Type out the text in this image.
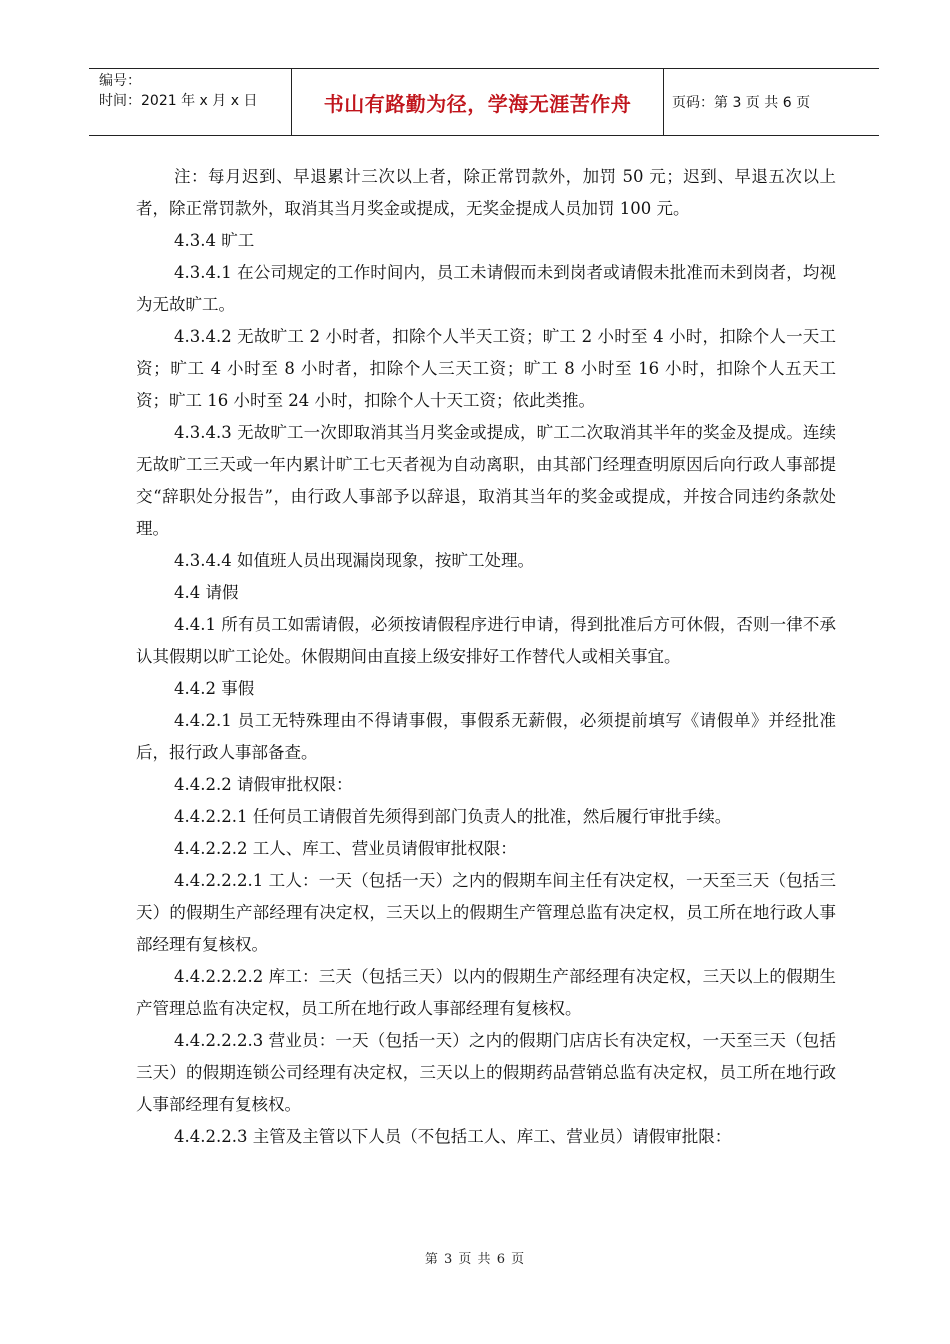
编号：
时间：2021 年 x 月 x 日	书山有路勤为径，学海无涯苦作舟	页码：第 3 页 共 6 页

注：每月迟到、早退累计三次以上者，除正常罚款外，加罚 50 元；迟到、早退五次以上者，除正常罚款外，取消其当月奖金或提成，无奖金提成人员加罚 100 元。

4.3.4 旷工

4.3.4.1 在公司规定的工作时间内，员工未请假而未到岗者或请假未批准而未到岗者，均视为无故旷工。

4.3.4.2 无故旷工 2 小时者，扣除个人半天工资；旷工 2 小时至 4 小时，扣除个人一天工资；旷工 4 小时至 8 小时者，扣除个人三天工资；旷工 8 小时至 16 小时，扣除个人五天工资；旷工 16 小时至 24 小时，扣除个人十天工资；依此类推。

4.3.4.3 无故旷工一次即取消其当月奖金或提成，旷工二次取消其半年的奖金及提成。连续无故旷工三天或一年内累计旷工七天者视为自动离职，由其部门经理查明原因后向行政人事部提交“辞职处分报告”，由行政人事部予以辞退，取消其当年的奖金或提成，并按合同违约条款处理。

4.3.4.4 如值班人员出现漏岗现象，按旷工处理。

4.4 请假

4.4.1 所有员工如需请假，必须按请假程序进行申请，得到批准后方可休假，否则一律不承认其假期以旷工论处。休假期间由直接上级安排好工作替代人或相关事宜。

4.4.2 事假

4.4.2.1 员工无特殊理由不得请事假，事假系无薪假，必须提前填写《请假单》并经批准后，报行政人事部备查。

4.4.2.2 请假审批权限：

4.4.2.2.1 任何员工请假首先须得到部门负责人的批准，然后履行审批手续。

4.4.2.2.2 工人、库工、营业员请假审批权限：

4.4.2.2.2.1 工人：一天（包括一天）之内的假期车间主任有决定权，一天至三天（包括三天）的假期生产部经理有决定权，三天以上的假期生产管理总监有决定权，员工所在地行政人事部经理有复核权。

4.4.2.2.2.2 库工：三天（包括三天）以内的假期生产部经理有决定权，三天以上的假期生产管理总监有决定权，员工所在地行政人事部经理有复核权。

4.4.2.2.2.3 营业员：一天（包括一天）之内的假期门店店长有决定权，一天至三天（包括三天）的假期连锁公司经理有决定权，三天以上的假期药品营销总监有决定权，员工所在地行政人事部经理有复核权。

4.4.2.2.3 主管及主管以下人员（不包括工人、库工、营业员）请假审批限：

第 3 页 共 6 页
